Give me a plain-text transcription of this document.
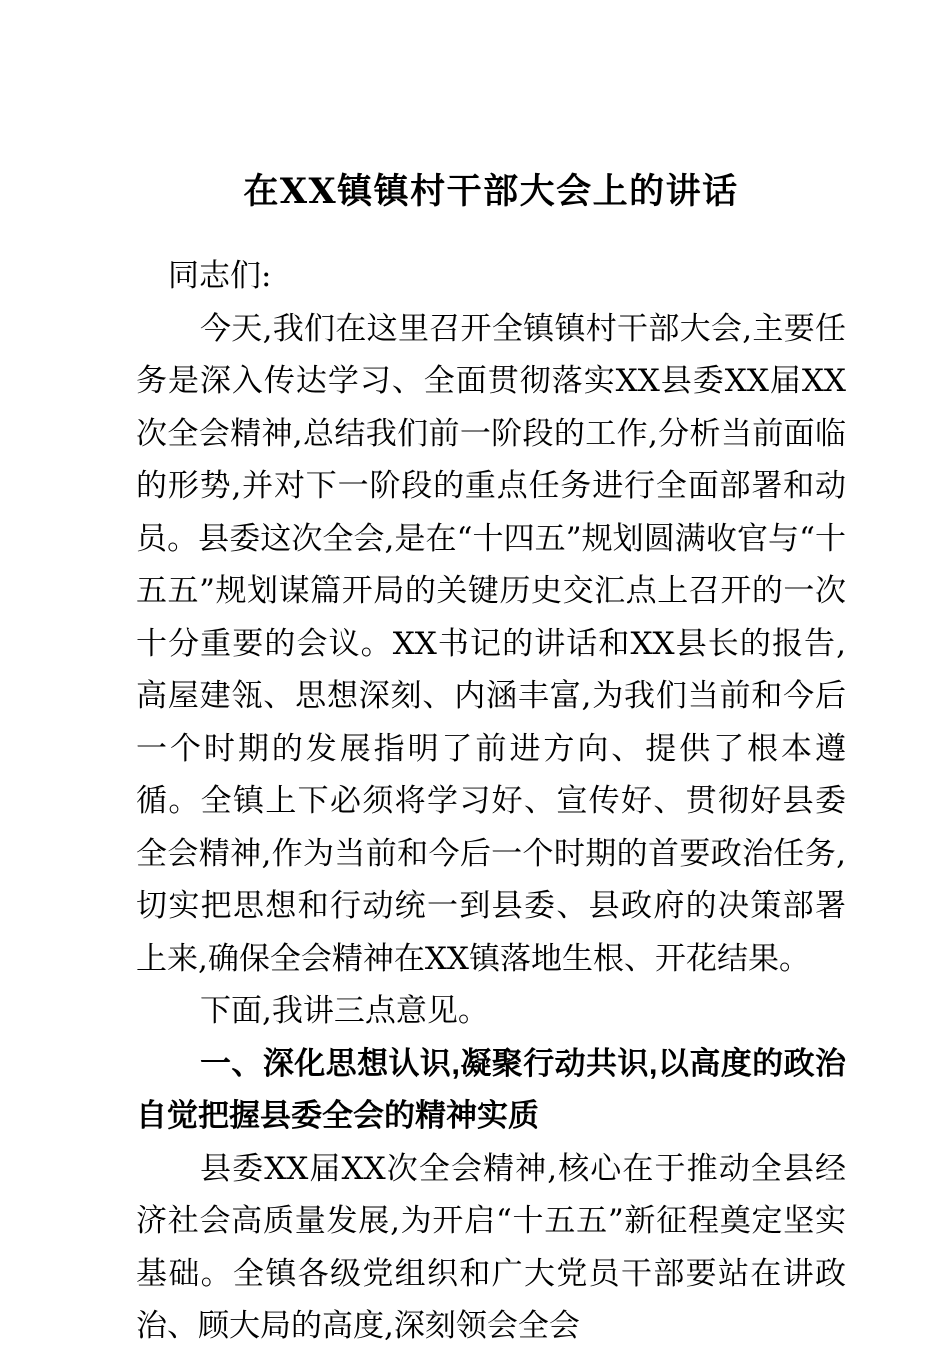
在XX镇镇村干部大会上的讲话

同志们:

今天,我们在这里召开全镇镇村干部大会,主要任务是深入传达学习、全面贯彻落实XX县委XX届XX次全会精神,总结我们前一阶段的工作,分析当前面临的形势,并对下一阶段的重点任务进行全面部署和动员。县委这次全会,是在“十四五”规划圆满收官与“十五五”规划谋篇开局的关键历史交汇点上召开的一次十分重要的会议。XX书记的讲话和XX县长的报告,高屋建瓴、思想深刻、内涵丰富,为我们当前和今后一个时期的发展指明了前进方向、提供了根本遵循。全镇上下必须将学习好、宣传好、贯彻好县委全会精神,作为当前和今后一个时期的首要政治任务,切实把思想和行动统一到县委、县政府的决策部署上来,确保全会精神在XX镇落地生根、开花结果。

下面,我讲三点意见。

一、深化思想认识,凝聚行动共识,以高度的政治自觉把握县委全会的精神实质

县委XX届XX次全会精神,核心在于推动全县经济社会高质量发展,为开启“十五五”新征程奠定坚实基础。全镇各级党组织和广大党员干部要站在讲政治、顾大局的高度,深刻领会全会
